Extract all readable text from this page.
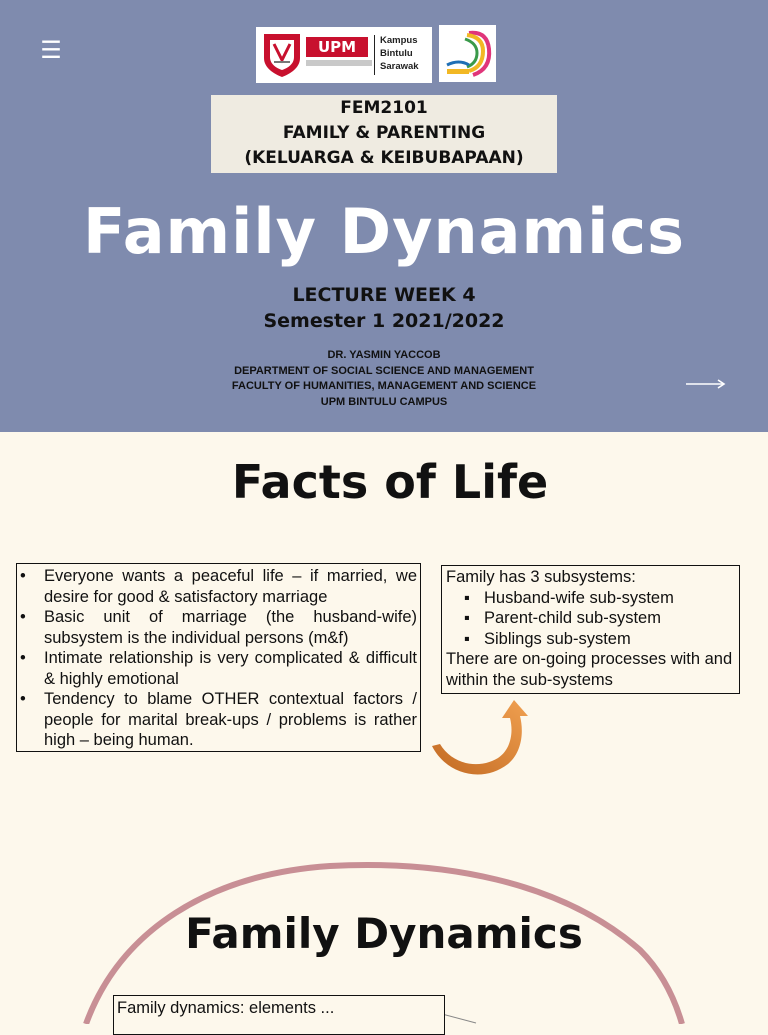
☰	UPM	Kampus
Bintulu
Sarawak
FEM2101
FAMILY & PARENTING
(KELUARGA & KEIBUBAPAAN)
Family Dynamics
LECTURE WEEK 4
Semester 1 2021/2022
DR. YASMIN YACCOB
DEPARTMENT OF SOCIAL SCIENCE AND MANAGEMENT
FACULTY OF HUMANITIES, MANAGEMENT AND SCIENCE
UPM BINTULU CAMPUS
Facts of Life
• Everyone wants a peaceful life – if married, we desire for good & satisfactory marriage
• Basic unit of marriage (the husband-wife) subsystem is the individual persons (m&f)
• Intimate relationship is very complicated & difficult & highly emotional
• Tendency to blame OTHER contextual factors / people for marital break-ups / problems is rather high – being human.
Family has 3 subsystems:
▪ Husband-wife sub-system
▪ Parent-child sub-system
▪ Siblings sub-system
There are on-going processes with and within the sub-systems
Family Dynamics
Family dynamics: elements ...
